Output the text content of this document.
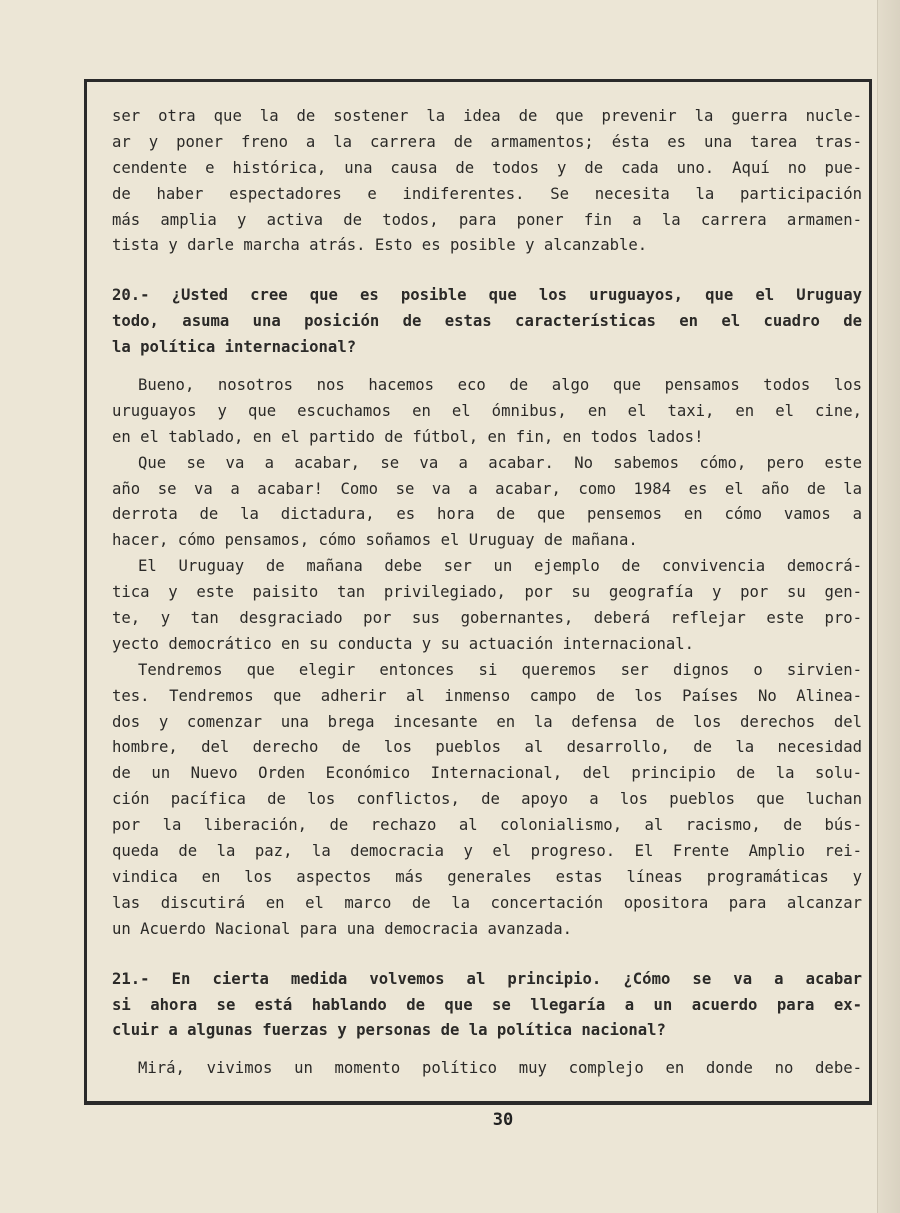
ser otra que la de sostener la idea de que prevenir la guerra nucle-
ar y poner freno a la carrera de armamentos; ésta es una tarea tras-
cendente e histórica, una causa de todos y de cada uno. Aquí no pue-
de haber espectadores e indiferentes. Se necesita la participación
más amplia y activa de todos, para poner fin a la carrera armamen-
tista y darle marcha atrás. Esto es posible y alcanzable.
20.- ¿Usted cree que es posible que los uruguayos, que el Uruguay
todo, asuma una posición de estas características en el cuadro de
la política internacional?
Bueno, nosotros nos hacemos eco de algo que pensamos todos los
uruguayos y que escuchamos en el ómnibus, en el taxi, en el cine,
en el tablado, en el partido de fútbol, en fin, en todos lados!
Que se va a acabar, se va a acabar. No sabemos cómo, pero este
año se va a acabar! Como se va a acabar, como 1984 es el año de la
derrota de la dictadura, es hora de que pensemos en cómo vamos a
hacer, cómo pensamos, cómo soñamos el Uruguay de mañana.
El Uruguay de mañana debe ser un ejemplo de convivencia democrá-
tica y este paisito tan privilegiado, por su geografía y por su gen-
te, y tan desgraciado por sus gobernantes, deberá reflejar este pro-
yecto democrático en su conducta y su actuación internacional.
Tendremos que elegir entonces si queremos ser dignos o sirvien-
tes. Tendremos que adherir al inmenso campo de los Países No Alinea-
dos y comenzar una brega incesante en la defensa de los derechos del
hombre, del derecho de los pueblos al desarrollo, de la necesidad
de un Nuevo Orden Económico Internacional, del principio de la solu-
ción pacífica de los conflictos, de apoyo a los pueblos que luchan
por la liberación, de rechazo al colonialismo, al racismo, de bús-
queda de la paz, la democracia y el progreso. El Frente Amplio rei-
vindica en los aspectos más generales estas líneas programáticas y
las discutirá en el marco de la concertación opositora para alcanzar
un Acuerdo Nacional para una democracia avanzada.
21.- En cierta medida volvemos al principio. ¿Cómo se va a acabar
si ahora se está hablando de que se llegaría a un acuerdo para ex-
cluir a algunas fuerzas y personas de la política nacional?
Mirá, vivimos un momento político muy complejo en donde no debe-
30
